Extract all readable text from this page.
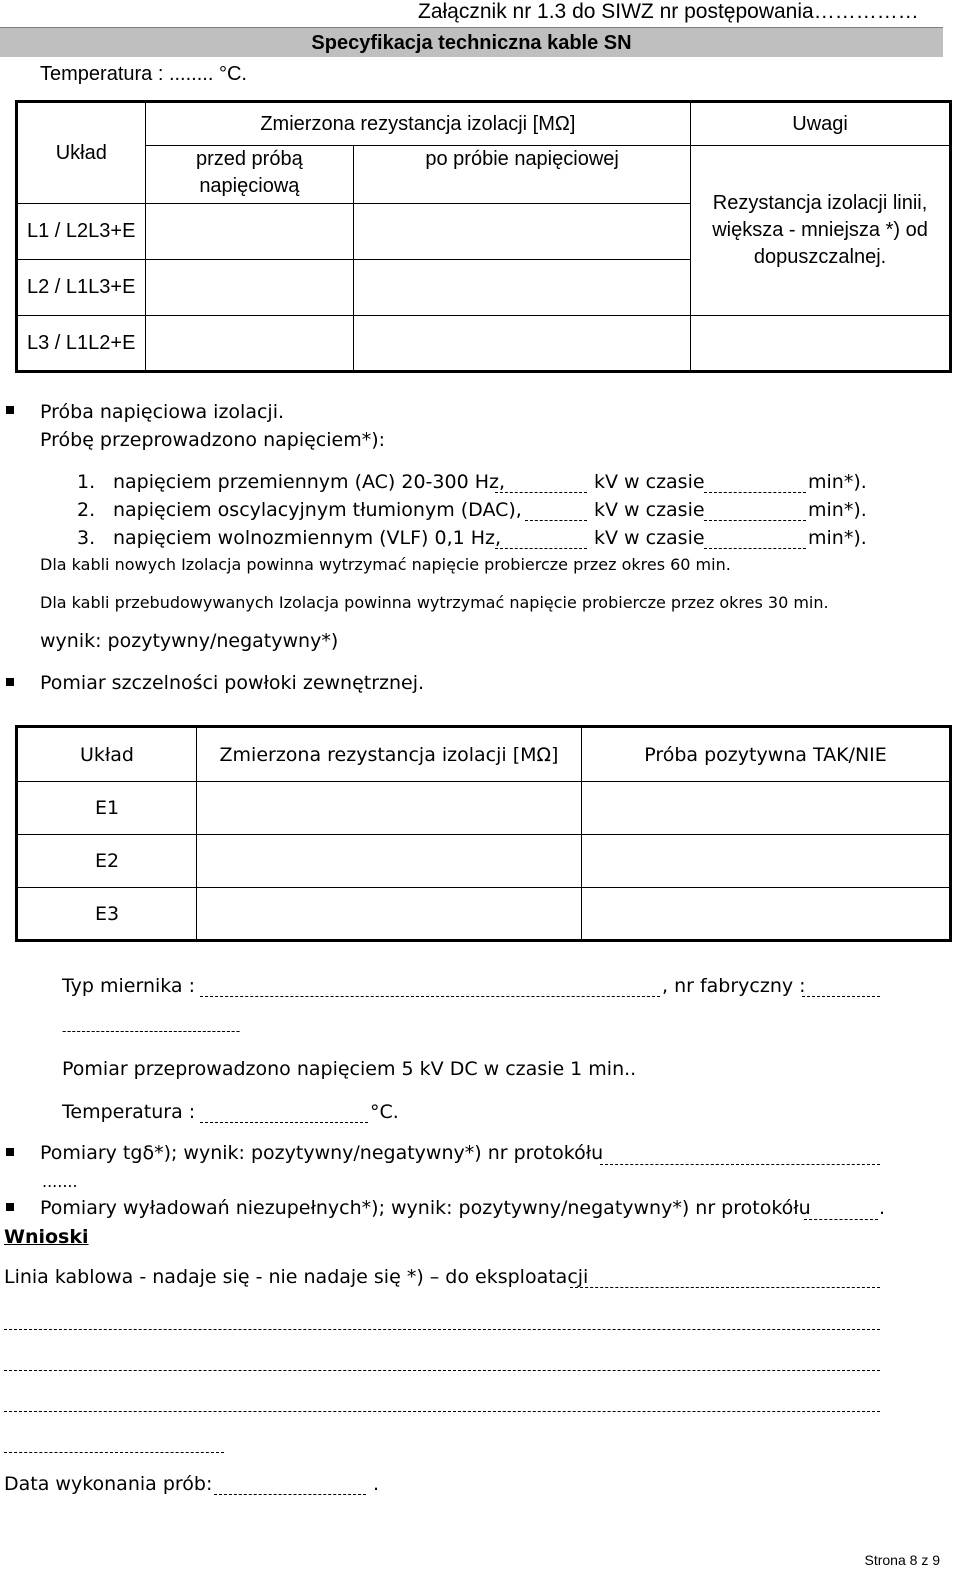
Załącznik nr 1.3 do SIWZ nr postępowania……………
Specyfikacja techniczna kable SN
Temperatura : ........ °C.
Układ	Zmierzona rezystancja izolacji [MΩ]		Uwagi
	przed próbą napięciową	po próbie napięciowej	Rezystancja izolacji linii, większa - mniejsza *) od dopuszczalnej.
L1 / L2L3+E			
L2 / L1L3+E			
L3 / L1L2+E			
Próba napięciowa izolacji.
Próbę przeprowadzono napięciem*):
1. napięciem przemiennym (AC) 20-300 Hz,	kV w czasie	min*).
2. napięciem oscylacyjnym tłumionym (DAC),	kV w czasie	min*).
3. napięciem wolnozmiennym (VLF) 0,1 Hz,	kV w czasie	min*).
Dla kabli nowych Izolacja powinna wytrzymać napięcie probiercze przez okres 60 min.
Dla kabli przebudowywanych Izolacja powinna wytrzymać napięcie probiercze przez okres 30 min.
wynik: pozytywny/negatywny*)
Pomiar szczelności powłoki zewnętrznej.
Układ	Zmierzona rezystancja izolacji [MΩ]	Próba pozytywna TAK/NIE
E1		
E2		
E3		
Typ miernika :	, nr fabryczny :
-------------------------------------
Pomiar przeprowadzono napięciem 5 kV DC w czasie 1 min..
Temperatura :	°C.
Pomiary tgδ*); wynik: pozytywny/negatywny*) nr protokółu
.......
Pomiary wyładowań niezupełnych*); wynik: pozytywny/negatywny*) nr protokółu	.
Wnioski
Linia kablowa - nadaje się - nie nadaje się *) – do eksploatacji
Data wykonania prób:	.
Strona 8 z 9
